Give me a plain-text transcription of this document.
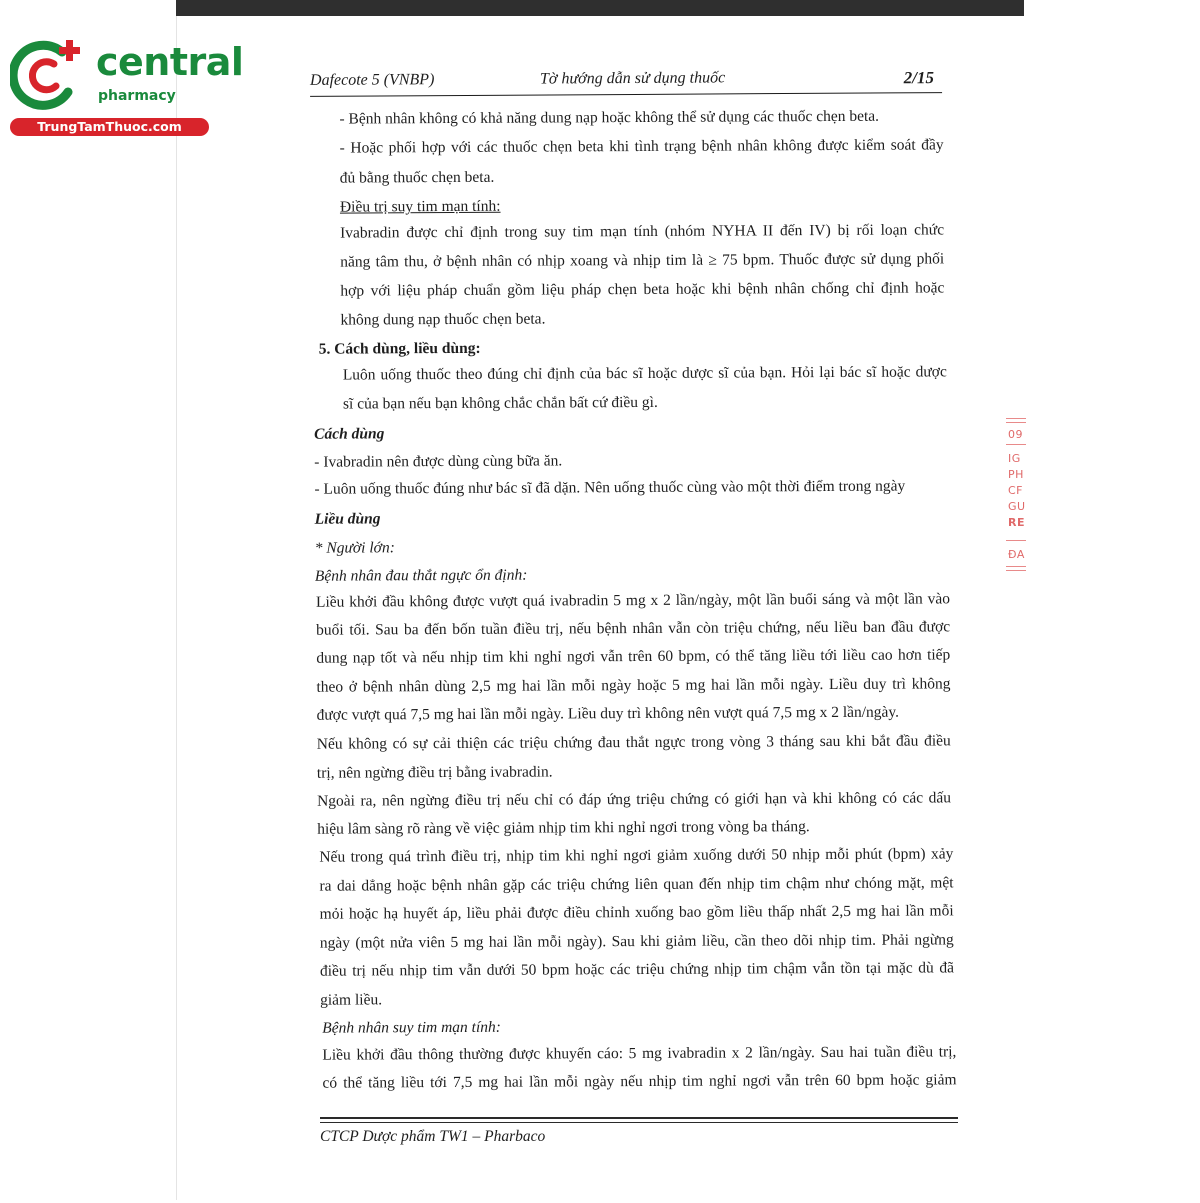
central
pharmacy
TrungTamThuoc.com
Dafecote 5 (VNBP)	Tờ hướng dẫn sử dụng thuốc	2/15
- Bệnh nhân không có khả năng dung nạp hoặc không thể sử dụng các thuốc chẹn beta.
- Hoặc phối hợp với các thuốc chẹn beta khi tình trạng bệnh nhân không được kiểm soát đầy
đủ bằng thuốc chẹn beta.
Điều trị suy tim mạn tính:
Ivabradin được chỉ định trong suy tim mạn tính (nhóm NYHA II đến IV) bị rối loạn chức
năng tâm thu, ở bệnh nhân có nhịp xoang và nhịp tim là ≥ 75 bpm. Thuốc được sử dụng phối
hợp với liệu pháp chuẩn gồm liệu pháp chẹn beta hoặc khi bệnh nhân chống chỉ định hoặc
không dung nạp thuốc chẹn beta.
5. Cách dùng, liều dùng:
Luôn uống thuốc theo đúng chỉ định của bác sĩ hoặc dược sĩ của bạn. Hỏi lại bác sĩ hoặc dược
sĩ của bạn nếu bạn không chắc chắn bất cứ điều gì.
Cách dùng
- Ivabradin nên được dùng cùng bữa ăn.
- Luôn uống thuốc đúng như bác sĩ đã dặn. Nên uống thuốc cùng vào một thời điểm trong ngày
Liều dùng
* Người lớn:
Bệnh nhân đau thắt ngực ổn định:
Liều khởi đầu không được vượt quá ivabradin 5 mg x 2 lần/ngày, một lần buổi sáng và một lần vào
buổi tối. Sau ba đến bốn tuần điều trị, nếu bệnh nhân vẫn còn triệu chứng, nếu liều ban đầu được
dung nạp tốt và nếu nhịp tim khi nghỉ ngơi vẫn trên 60 bpm, có thể tăng liều tới liều cao hơn tiếp
theo ở bệnh nhân dùng 2,5 mg hai lần mỗi ngày hoặc 5 mg hai lần mỗi ngày. Liều duy trì không
được vượt quá 7,5 mg hai lần mỗi ngày. Liều duy trì không nên vượt quá 7,5 mg x 2 lần/ngày.
Nếu không có sự cải thiện các triệu chứng đau thắt ngực trong vòng 3 tháng sau khi bắt đầu điều
trị, nên ngừng điều trị bằng ivabradin.
Ngoài ra, nên ngừng điều trị nếu chỉ có đáp ứng triệu chứng có giới hạn và khi không có các dấu
hiệu lâm sàng rõ ràng về việc giảm nhịp tim khi nghỉ ngơi trong vòng ba tháng.
Nếu trong quá trình điều trị, nhịp tim khi nghỉ ngơi giảm xuống dưới 50 nhịp mỗi phút (bpm) xảy
ra dai dẳng hoặc bệnh nhân gặp các triệu chứng liên quan đến nhịp tim chậm như chóng mặt, mệt
mỏi hoặc hạ huyết áp, liều phải được điều chỉnh xuống bao gồm liều thấp nhất 2,5 mg hai lần mỗi
ngày (một nửa viên 5 mg hai lần mỗi ngày). Sau khi giảm liều, cần theo dõi nhịp tim. Phải ngừng
điều trị nếu nhịp tim vẫn dưới 50 bpm hoặc các triệu chứng nhịp tim chậm vẫn tồn tại mặc dù đã
giảm liều.
Bệnh nhân suy tim mạn tính:
Liều khởi đầu thông thường được khuyến cáo: 5 mg ivabradin x 2 lần/ngày. Sau hai tuần điều trị,
có thể tăng liều tới 7,5 mg hai lần mỗi ngày nếu nhịp tim nghỉ ngơi vẫn trên 60 bpm hoặc giảm
CTCP Dược phẩm TW1 – Pharbaco
09
IG
PH
CF
GU
RE
ĐA
